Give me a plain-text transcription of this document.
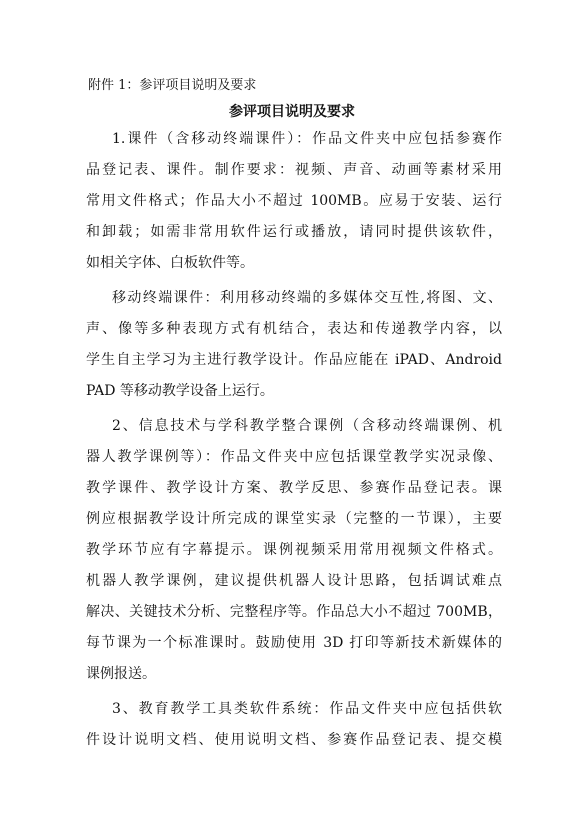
附件 1：参评项目说明及要求
参评项目说明及要求
1.课件（含移动终端课件）：作品文件夹中应包括参赛作
品登记表、课件。制作要求：视频、声音、动画等素材采用
常用文件格式；作品大小不超过 100MB。应易于安装、运行
和卸载；如需非常用软件运行或播放，请同时提供该软件，
如相关字体、白板软件等。
移动终端课件：利用移动终端的多媒体交互性,将图、文、
声、像等多种表现方式有机结合，表达和传递教学内容，以
学生自主学习为主进行教学设计。作品应能在 iPAD、Android
PAD 等移动教学设备上运行。
2、信息技术与学科教学整合课例（含移动终端课例、机
器人教学课例等）：作品文件夹中应包括课堂教学实况录像、
教学课件、教学设计方案、教学反思、参赛作品登记表。课
例应根据教学设计所完成的课堂实录（完整的一节课），主要
教学环节应有字幕提示。课例视频采用常用视频文件格式。
机器人教学课例，建议提供机器人设计思路，包括调试难点
解决、关键技术分析、完整程序等。作品总大小不超过 700MB，
每节课为一个标准课时。鼓励使用 3D 打印等新技术新媒体的
课例报送。
3、教育教学工具类软件系统：作品文件夹中应包括供软
件设计说明文档、使用说明文档、参赛作品登记表、提交模
